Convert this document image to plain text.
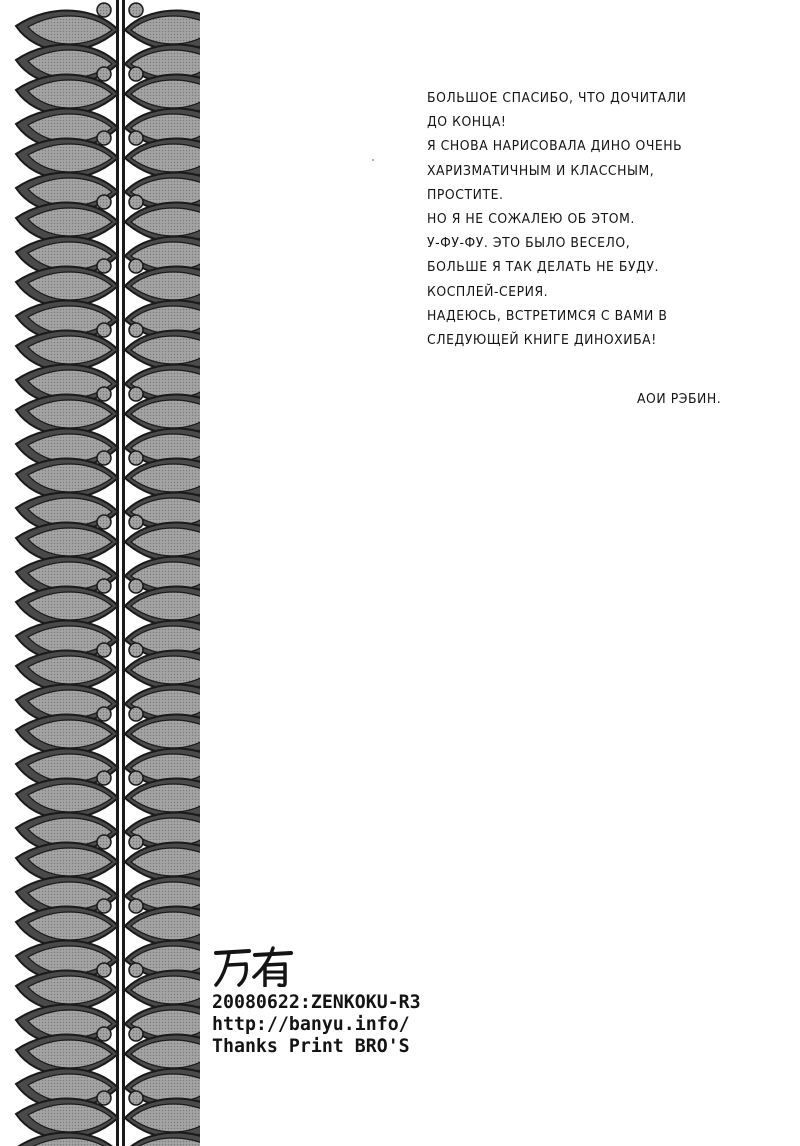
БОЛЬШОЕ СПАСИБО, ЧТО ДОЧИТАЛИ
ДО КОНЦА!
Я СНОВА НАРИСОВАЛА ДИНО ОЧЕНЬ
ХАРИЗМАТИЧНЫМ И КЛАССНЫМ,
ПРОСТИТЕ.
НО Я НЕ СОЖАЛЕЮ ОБ ЭТОМ.
У-ФУ-ФУ. ЭТО БЫЛО ВЕСЕЛО,
БОЛЬШЕ Я ТАК ДЕЛАТЬ НЕ БУДУ.
КОСПЛЕЙ-СЕРИЯ.
НАДЕЮСЬ, ВСТРЕТИМСЯ С ВАМИ В
СЛЕДУЮЩЕЙ КНИГЕ ДИНОХИБА!
АОИ РЭБИН.
20080622:ZENKOKU-R3
http://banyu.info/
Thanks Print BRO'S
